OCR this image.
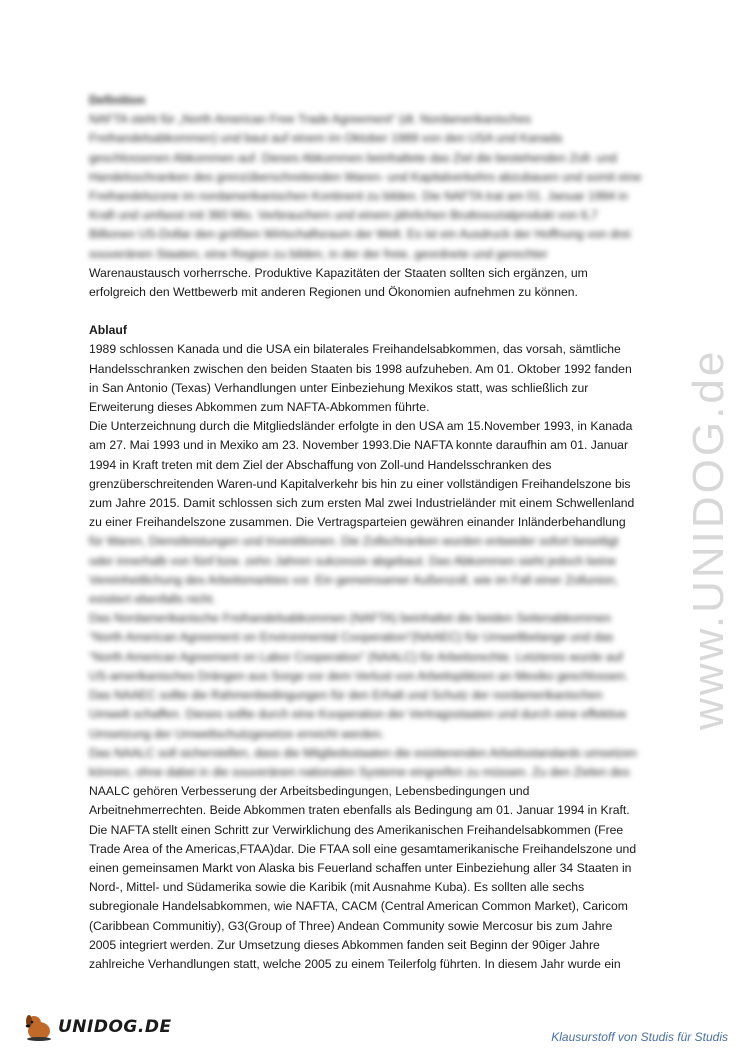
Definition
NAFTA steht für „North American Free Trade Agreement“ (dt. Nordamerikanisches
Freihandelsabkommen) und baut auf einem im Oktober 1989 von den USA und Kanada
geschlossenen Abkommen auf. Dieses Abkommen beinhaltete das Ziel die bestehenden Zoll- und
Handelsschranken des grenzüberschreitenden Waren- und Kapitalverkehrs abzubauen und somit eine
Freihandelszone im nordamerikanischen Kontinent zu bilden. Die NAFTA trat am 01. Januar 1994 in
Kraft und umfasst mit 360 Mio. Verbrauchern und einem jährlichen Bruttosozialprodukt von 6,7
Billionen US-Dollar den größten Wirtschaftsraum der Welt. Es ist ein Ausdruck der Hoffnung von drei
souveränen Staaten, eine Region zu bilden, in der der freie, geordnete und gerechter
Warenaustausch vorherrsche. Produktive Kapazitäten der Staaten sollten sich ergänzen, um
erfolgreich den Wettbewerb mit anderen Regionen und Ökonomien aufnehmen zu können.
Ablauf
1989 schlossen Kanada und die USA ein bilaterales Freihandelsabkommen, das vorsah, sämtliche
Handelsschranken zwischen den beiden Staaten bis 1998 aufzuheben. Am 01. Oktober 1992 fanden
in San Antonio (Texas) Verhandlungen unter Einbeziehung Mexikos statt, was schließlich zur
Erweiterung dieses Abkommen zum NAFTA-Abkommen führte.
Die Unterzeichnung durch die Mitgliedsländer erfolgte in den USA am 15.November 1993, in Kanada
am 27. Mai 1993 und in Mexiko am 23. November 1993.Die NAFTA konnte daraufhin am 01. Januar
1994 in Kraft treten mit dem Ziel der Abschaffung von Zoll-und Handelsschranken des
grenzüberschreitenden Waren-und Kapitalverkehr bis hin zu einer vollständigen Freihandelszone bis
zum Jahre 2015. Damit schlossen sich zum ersten Mal zwei Industrieländer mit einem Schwellenland
zu einer Freihandelszone zusammen. Die Vertragsparteien gewähren einander Inländerbehandlung
für Waren, Dienstleistungen und Investitionen. Die Zollschranken wurden entweder sofort beseitigt
oder innerhalb von fünf bzw. zehn Jahren sukzessiv abgebaut. Das Abkommen sieht jedoch keine
Vereinheitlichung des Arbeitsmarktes vor. Ein gemeinsamer Außenzoll, wie im Fall einer Zollunion,
existiert ebenfalls nicht.
Das Nordamerikanische Freihandelsabkommen (NAFTA) beinhaltet die beiden Seitenabkommen
“North American Agreement on Environmental Cooperation”(NAAEC) für Umweltbelange und das
“North American Agreement on Labor Cooperation” (NAALC) für Arbeitsrechte. Letzteres wurde auf
US-amerikanisches Drängen aus Sorge vor dem Verlust von Arbeitsplätzen an Mexiko geschlossen.
Das NAAEC sollte die Rahmenbedingungen für den Erhalt und Schutz der nordamerikanischen
Umwelt schaffen. Dieses sollte durch eine Kooperation der Vertragsstaaten und durch eine effektive
Umsetzung der Umweltschutzgesetze erreicht werden.
Das NAALC soll sicherstellen, dass die Mitgliedsstaaten die existierenden Arbeitsstandards umsetzen
können, ohne dabei in die souveränen nationalen Systeme eingreifen zu müssen. Zu den Zielen des
NAALC gehören Verbesserung der Arbeitsbedingungen, Lebensbedingungen und
Arbeitnehmerrechten. Beide Abkommen traten ebenfalls als Bedingung am 01. Januar 1994 in Kraft.
Die NAFTA stellt einen Schritt zur Verwirklichung des Amerikanischen Freihandelsabkommen (Free
Trade Area of the Americas,FTAA)dar. Die FTAA soll eine gesamtamerikanische Freihandelszone und
einen gemeinsamen Markt von Alaska bis Feuerland schaffen unter Einbeziehung aller 34 Staaten in
Nord-, Mittel- und Südamerika sowie die Karibik (mit Ausnahme Kuba). Es sollten alle sechs
subregionale Handelsabkommen, wie NAFTA, CACM (Central American Common Market), Caricom
(Caribbean Communitiy), G3(Group of Three) Andean Community sowie Mercosur bis zum Jahre
2005 integriert werden. Zur Umsetzung dieses Abkommen fanden seit Beginn der 90iger Jahre
zahlreiche Verhandlungen statt, welche 2005 zu einem Teilerfolg führten. In diesem Jahr wurde ein
www.UNIDOG.de
UNIDOG.DE	Klausurstoff von Studis für Studis
